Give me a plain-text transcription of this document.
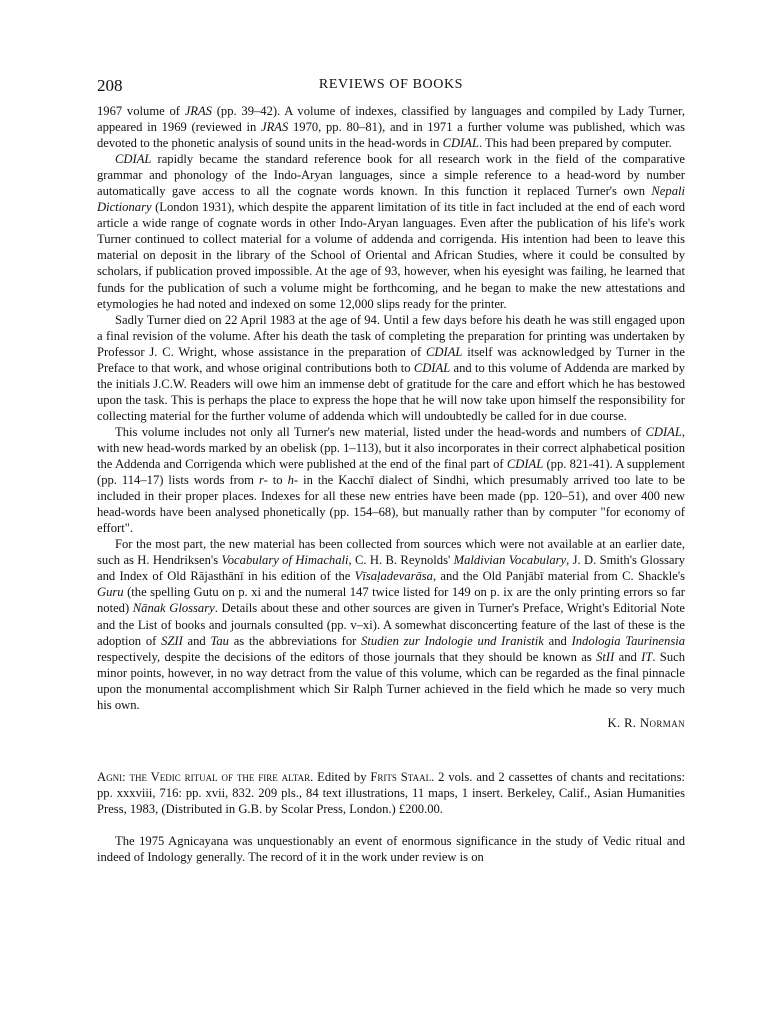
208	REVIEWS OF BOOKS

1967 volume of JRAS (pp. 39–42). A volume of indexes, classified by languages and compiled by Lady Turner, appeared in 1969 (reviewed in JRAS 1970, pp. 80–81), and in 1971 a further volume was published, which was devoted to the phonetic analysis of sound units in the head-words in CDIAL. This had been prepared by computer.

CDIAL rapidly became the standard reference book for all research work in the field of the comparative grammar and phonology of the Indo-Aryan languages, since a simple reference to a head-word by number automatically gave access to all the cognate words known. In this function it replaced Turner's own Nepali Dictionary (London 1931), which despite the apparent limitation of its title in fact included at the end of each word article a wide range of cognate words in other Indo-Aryan languages. Even after the publication of his life's work Turner continued to collect material for a volume of addenda and corrigenda. His intention had been to leave this material on deposit in the library of the School of Oriental and African Studies, where it could be consulted by scholars, if publication proved impossible. At the age of 93, however, when his eyesight was failing, he learned that funds for the publication of such a volume might be forthcoming, and he began to make the new attestations and etymologies he had noted and indexed on some 12,000 slips ready for the printer.

Sadly Turner died on 22 April 1983 at the age of 94. Until a few days before his death he was still engaged upon a final revision of the volume. After his death the task of completing the preparation for printing was undertaken by Professor J. C. Wright, whose assistance in the preparation of CDIAL itself was acknowledged by Turner in the Preface to that work, and whose original contributions both to CDIAL and to this volume of Addenda are marked by the initials J.C.W. Readers will owe him an immense debt of gratitude for the care and effort which he has bestowed upon the task. This is perhaps the place to express the hope that he will now take upon himself the responsibility for collecting material for the further volume of addenda which will undoubtedly be called for in due course.

This volume includes not only all Turner's new material, listed under the head-words and numbers of CDIAL, with new head-words marked by an obelisk (pp. 1–113), but it also incorporates in their correct alphabetical position the Addenda and Corrigenda which were published at the end of the final part of CDIAL (pp. 821-41). A supplement (pp. 114–17) lists words from r- to h- in the Kacchī dialect of Sindhi, which presumably arrived too late to be included in their proper places. Indexes for all these new entries have been made (pp. 120–51), and over 400 new head-words have been analysed phonetically (pp. 154–68), but manually rather than by computer "for economy of effort".

For the most part, the new material has been collected from sources which were not available at an earlier date, such as H. Hendriksen's Vocabulary of Himachali, C. H. B. Reynolds' Maldivian Vocabulary, J. D. Smith's Glossary and Index of Old Rājasthānī in his edition of the Vīsaḷadevarāsa, and the Old Panjābī material from C. Shackle's Guru (the spelling Gutu on p. xi and the numeral 147 twice listed for 149 on p. ix are the only printing errors so far noted) Nānak Glossary. Details about these and other sources are given in Turner's Preface, Wright's Editorial Note and the List of books and journals consulted (pp. v–xi). A somewhat disconcerting feature of the last of these is the adoption of SZII and Tau as the abbreviations for Studien zur Indologie und Iranistik and Indologia Taurinensia respectively, despite the decisions of the editors of those journals that they should be known as StII and IT. Such minor points, however, in no way detract from the value of this volume, which can be regarded as the final pinnacle upon the monumental accomplishment which Sir Ralph Turner achieved in the field which he made so very much his own.

K. R. Norman

Agni: the Vedic ritual of the fire altar. Edited by Frits Staal. 2 vols. and 2 cassettes of chants and recitations: pp. xxxviii, 716: pp. xvii, 832. 209 pls., 84 text illustrations, 11 maps, 1 insert. Berkeley, Calif., Asian Humanities Press, 1983, (Distributed in G.B. by Scolar Press, London.) £200.00.

The 1975 Agnicayana was unquestionably an event of enormous significance in the study of Vedic ritual and indeed of Indology generally. The record of it in the work under review is on
